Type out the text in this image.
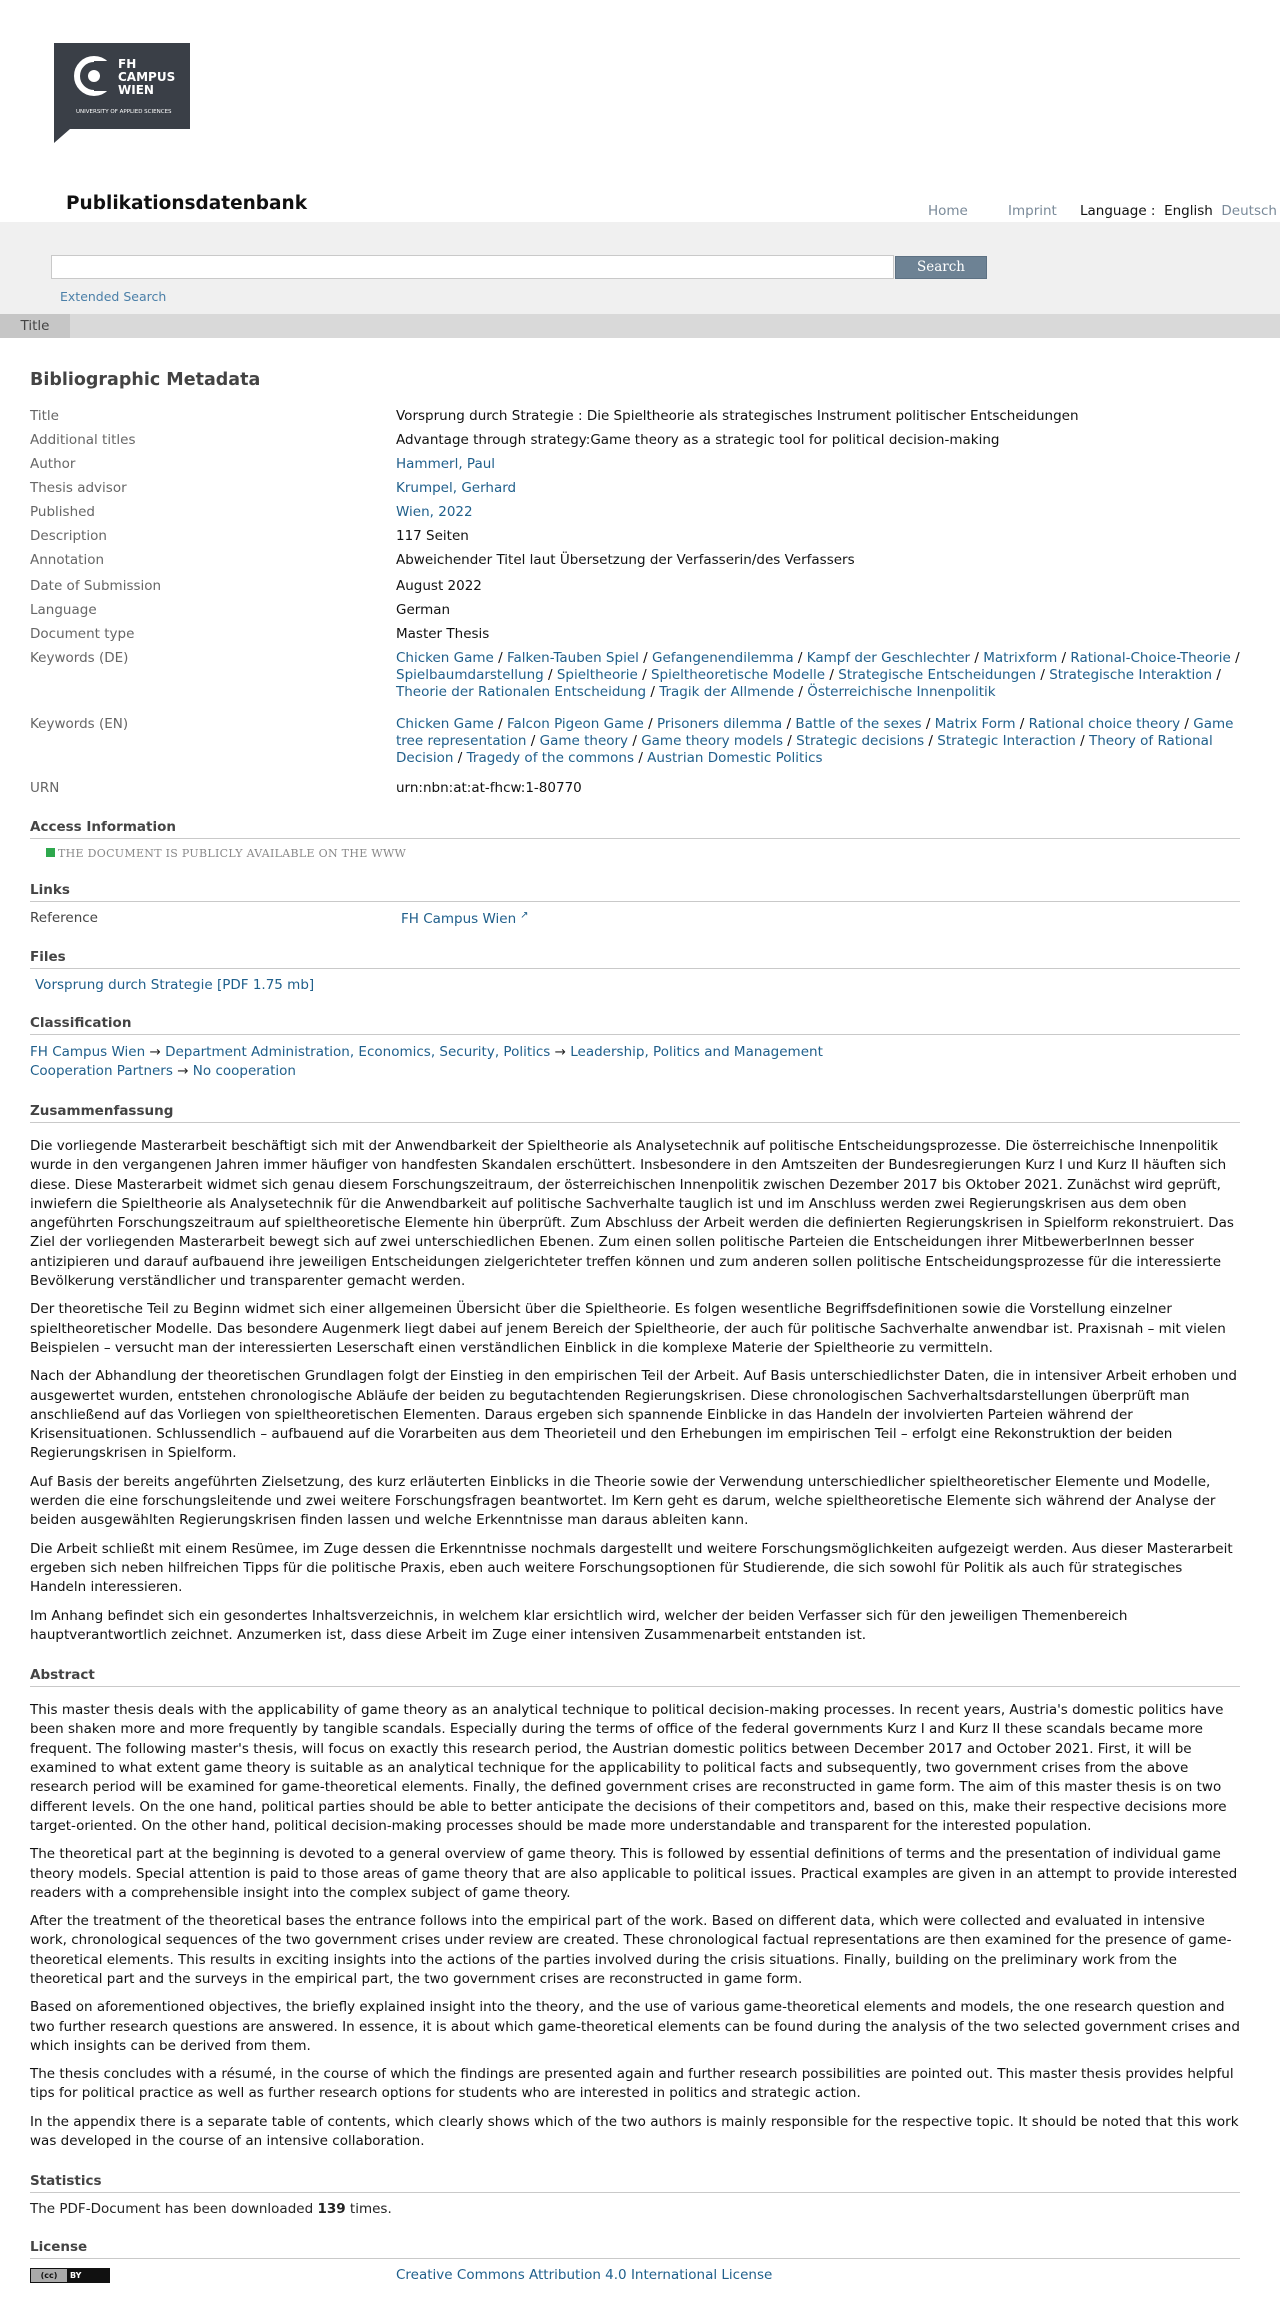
FH
CAMPUS
WIEN
UNIVERSITY OF APPLIED SCIENCES
Publikationsdatenbank	Home	Imprint Language : English Deutsch
Search
Extended Search
Title
Bibliographic Metadata
Title	Vorsprung durch Strategie : Die Spieltheorie als strategisches Instrument politischer Entscheidungen
Additional titles	Advantage through strategy:Game theory as a strategic tool for political decision-making
Author	Hammerl, Paul
Thesis advisor	Krumpel, Gerhard
Published	Wien, 2022
Description	117 Seiten
Annotation	Abweichender Titel laut Übersetzung der Verfasserin/des Verfassers
Date of Submission	August 2022
Language	German
Document type	Master Thesis
Keywords (DE)	Chicken Game / Falken-Tauben Spiel / Gefangenendilemma / Kampf der Geschlechter / Matrixform / Rational-Choice-Theorie / Spielbaumdarstellung / Spieltheorie / Spieltheoretische Modelle / Strategische Entscheidungen / Strategische Interaktion / Theorie der Rationalen Entscheidung / Tragik der Allmende / Österreichische Innenpolitik
Keywords (EN)	Chicken Game / Falcon Pigeon Game / Prisoners dilemma / Battle of the sexes / Matrix Form / Rational choice theory / Game tree representation / Game theory / Game theory models / Strategic decisions / Strategic Interaction / Theory of Rational Decision / Tragedy of the commons / Austrian Domestic Politics
URN	urn:nbn:at:at-fhcw:1-80770
Access Information
THE DOCUMENT IS PUBLICLY AVAILABLE ON THE WWW
Links
Reference	FH Campus Wien ↗
Files
Vorsprung durch Strategie [PDF 1.75 mb]
Classification
FH Campus Wien → Department Administration, Economics, Security, Politics → Leadership, Politics and Management
Cooperation Partners → No cooperation
Zusammenfassung

Die vorliegende Masterarbeit beschäftigt sich mit der Anwendbarkeit der Spieltheorie als Analysetechnik auf politische Entscheidungsprozesse. Die österreichische Innenpolitik wurde in den vergangenen Jahren immer häufiger von handfesten Skandalen erschüttert. Insbesondere in den Amtszeiten der Bundesregierungen Kurz I und Kurz II häuften sich diese. Diese Masterarbeit widmet sich genau diesem Forschungszeitraum, der österreichischen Innenpolitik zwischen Dezember 2017 bis Oktober 2021. Zunächst wird geprüft, inwiefern die Spieltheorie als Analysetechnik für die Anwendbarkeit auf politische Sachverhalte tauglich ist und im Anschluss werden zwei Regierungskrisen aus dem oben angeführten Forschungszeitraum auf spieltheoretische Elemente hin überprüft. Zum Abschluss der Arbeit werden die definierten Regierungskrisen in Spielform rekonstruiert. Das Ziel der vorliegenden Masterarbeit bewegt sich auf zwei unterschiedlichen Ebenen. Zum einen sollen politische Parteien die Entscheidungen ihrer MitbewerberInnen besser antizipieren und darauf aufbauend ihre jeweiligen Entscheidungen zielgerichteter treffen können und zum anderen sollen politische Entscheidungsprozesse für die interessierte Bevölkerung verständlicher und transparenter gemacht werden.

Der theoretische Teil zu Beginn widmet sich einer allgemeinen Übersicht über die Spieltheorie. Es folgen wesentliche Begriffsdefinitionen sowie die Vorstellung einzelner spieltheoretischer Modelle. Das besondere Augenmerk liegt dabei auf jenem Bereich der Spieltheorie, der auch für politische Sachverhalte anwendbar ist. Praxisnah – mit vielen Beispielen – versucht man der interessierten Leserschaft einen verständlichen Einblick in die komplexe Materie der Spieltheorie zu vermitteln.

Nach der Abhandlung der theoretischen Grundlagen folgt der Einstieg in den empirischen Teil der Arbeit. Auf Basis unterschiedlichster Daten, die in intensiver Arbeit erhoben und ausgewertet wurden, entstehen chronologische Abläufe der beiden zu begutachtenden Regierungskrisen. Diese chronologischen Sachverhaltsdarstellungen überprüft man anschließend auf das Vorliegen von spieltheoretischen Elementen. Daraus ergeben sich spannende Einblicke in das Handeln der involvierten Parteien während der Krisensituationen. Schlussendlich – aufbauend auf die Vorarbeiten aus dem Theorieteil und den Erhebungen im empirischen Teil – erfolgt eine Rekonstruktion der beiden Regierungskrisen in Spielform.

Auf Basis der bereits angeführten Zielsetzung, des kurz erläuterten Einblicks in die Theorie sowie der Verwendung unterschiedlicher spieltheoretischer Elemente und Modelle, werden die eine forschungsleitende und zwei weitere Forschungsfragen beantwortet. Im Kern geht es darum, welche spieltheoretische Elemente sich während der Analyse der beiden ausgewählten Regierungskrisen finden lassen und welche Erkenntnisse man daraus ableiten kann.

Die Arbeit schließt mit einem Resümee, im Zuge dessen die Erkenntnisse nochmals dargestellt und weitere Forschungsmöglichkeiten aufgezeigt werden. Aus dieser Masterarbeit ergeben sich neben hilfreichen Tipps für die politische Praxis, eben auch weitere Forschungsoptionen für Studierende, die sich sowohl für Politik als auch für strategisches Handeln interessieren.

Im Anhang befindet sich ein gesondertes Inhaltsverzeichnis, in welchem klar ersichtlich wird, welcher der beiden Verfasser sich für den jeweiligen Themenbereich hauptverantwortlich zeichnet. Anzumerken ist, dass diese Arbeit im Zuge einer intensiven Zusammenarbeit entstanden ist.

Abstract

This master thesis deals with the applicability of game theory as an analytical technique to political decision-making processes. In recent years, Austria's domestic politics have been shaken more and more frequently by tangible scandals. Especially during the terms of office of the federal governments Kurz I and Kurz II these scandals became more frequent. The following master's thesis, will focus on exactly this research period, the Austrian domestic politics between December 2017 and October 2021. First, it will be examined to what extent game theory is suitable as an analytical technique for the applicability to political facts and subsequently, two government crises from the above research period will be examined for game-theoretical elements. Finally, the defined government crises are reconstructed in game form. The aim of this master thesis is on two different levels. On the one hand, political parties should be able to better anticipate the decisions of their competitors and, based on this, make their respective decisions more target-oriented. On the other hand, political decision-making processes should be made more understandable and transparent for the interested population.

The theoretical part at the beginning is devoted to a general overview of game theory. This is followed by essential definitions of terms and the presentation of individual game theory models. Special attention is paid to those areas of game theory that are also applicable to political issues. Practical examples are given in an attempt to provide interested readers with a comprehensible insight into the complex subject of game theory.

After the treatment of the theoretical bases the entrance follows into the empirical part of the work. Based on different data, which were collected and evaluated in intensive work, chronological sequences of the two government crises under review are created. These chronological factual representations are then examined for the presence of game-theoretical elements. This results in exciting insights into the actions of the parties involved during the crisis situations. Finally, building on the preliminary work from the theoretical part and the surveys in the empirical part, the two government crises are reconstructed in game form.

Based on aforementioned objectives, the briefly explained insight into the theory, and the use of various game-theoretical elements and models, the one research question and two further research questions are answered. In essence, it is about which game-theoretical elements can be found during the analysis of the two selected government crises and which insights can be derived from them.

The thesis concludes with a résumé, in the course of which the findings are presented again and further research possibilities are pointed out. This master thesis provides helpful tips for political practice as well as further research options for students who are interested in politics and strategic action.

In the appendix there is a separate table of contents, which clearly shows which of the two authors is mainly responsible for the respective topic. It should be noted that this work was developed in the course of an intensive collaboration.

Statistics
The PDF-Document has been downloaded 139 times.
License
(cc)	BY	Creative Commons Attribution 4.0 International License
